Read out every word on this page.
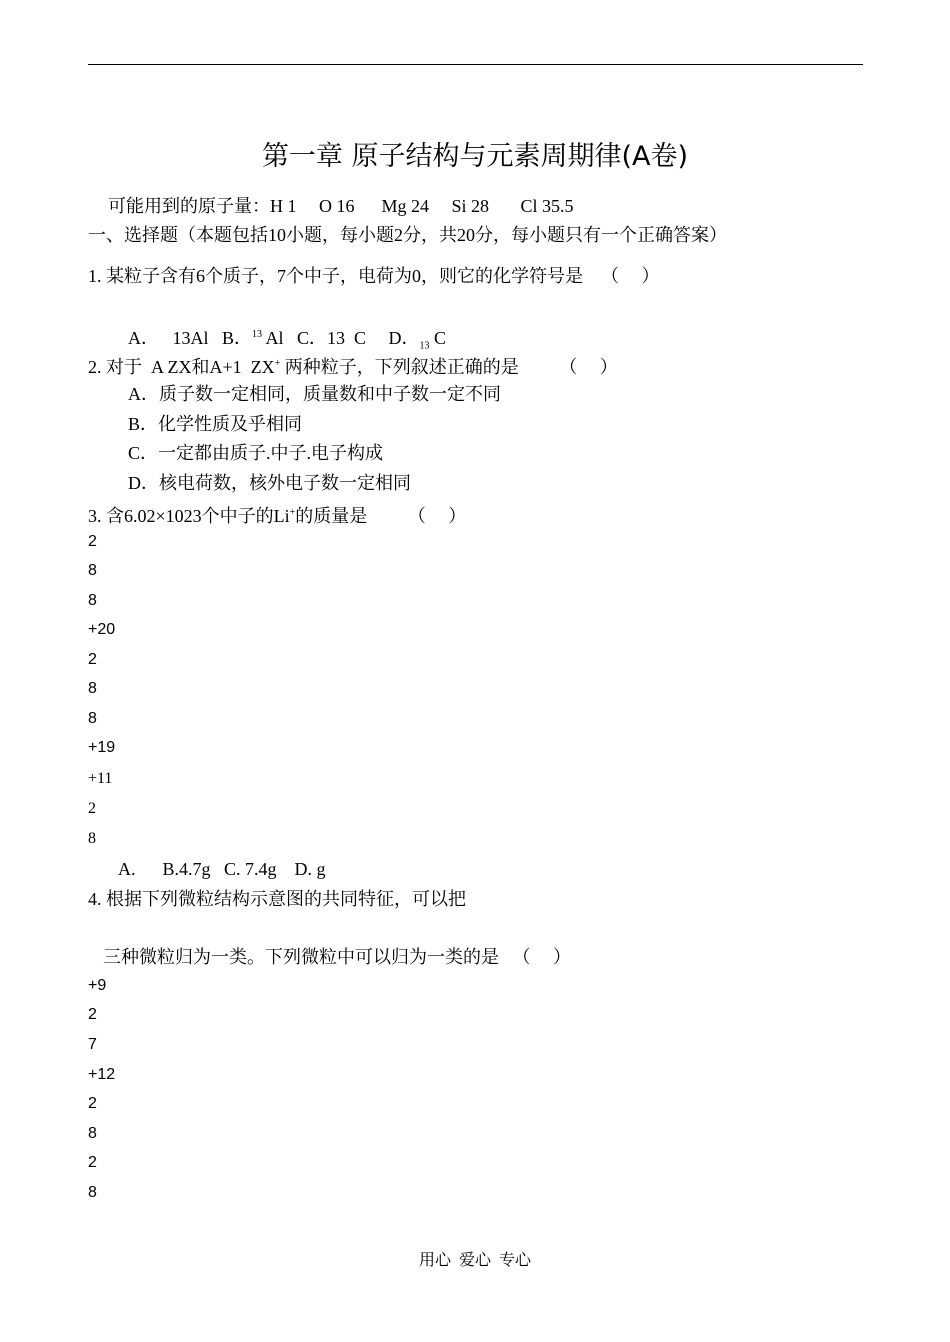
第一章 原子结构与元素周期律(A卷)
可能用到的原子量：H 1     O 16      Mg 24     Si 28       Cl 35.5
一、选择题（本题包括10小题，每小题2分，共20分，每小题只有一个正确答案）
1. 某粒子含有6个质子，7个中子，电荷为0，则它的化学符号是    （     ）
A．   13Al   B．$^{13}$ Al   C．13  C     D．$_{13}$ C
2. 对于  A ZX和A+1  ZX+ 两种粒子，下列叙述正确的是         （     ）
A．质子数一定相同，质量数和中子数一定不同
B．化学性质及乎相同
C．一定都由质子.中子.电子构成
D．核电荷数，核外电子数一定相同
3. 含6.02×1023个中子的Li+的质量是         （     ）
2
8
8
+20
2
8
8
+19
+11
2
8
A.      B.4.7g   C. 7.4g    D. g
4. 根据下列微粒结构示意图的共同特征，可以把
三种微粒归为一类。下列微粒中可以归为一类的是   （     ）
+9
2
7
+12
2
8
2
8
用心 爱心 专心
